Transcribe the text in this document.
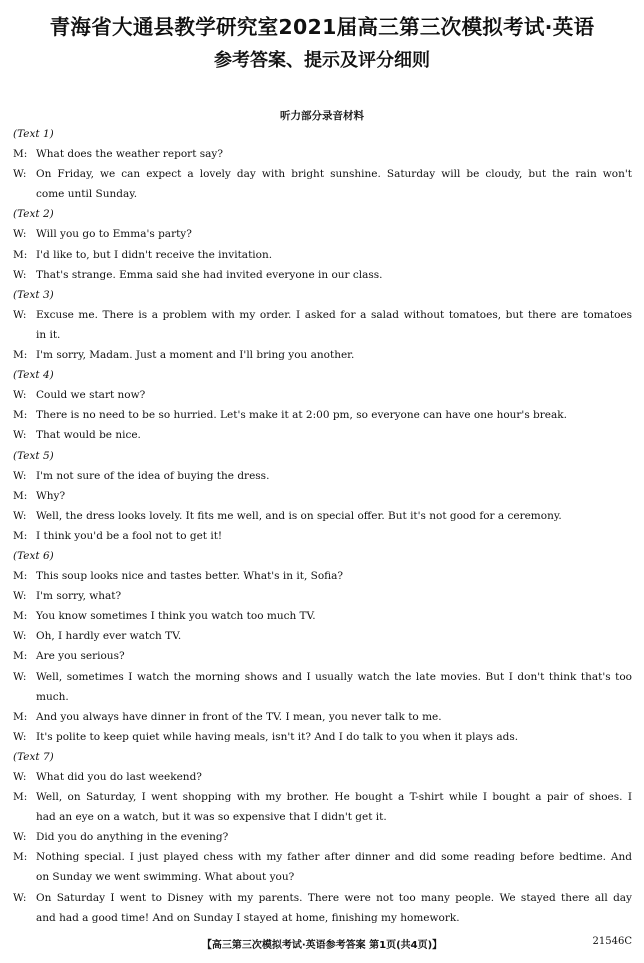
青海省大通县教学研究室2021届高三第三次模拟考试·英语
参考答案、提示及评分细则
听力部分录音材料
(Text 1)
M: What does the weather report say?
W: On Friday, we can expect a lovely day with bright sunshine. Saturday will be cloudy, but the rain won't
come until Sunday.
(Text 2)
W: Will you go to Emma's party?
M: I'd like to, but I didn't receive the invitation.
W: That's strange. Emma said she had invited everyone in our class.
(Text 3)
W: Excuse me. There is a problem with my order. I asked for a salad without tomatoes, but there are tomatoes
in it.
M: I'm sorry, Madam. Just a moment and I'll bring you another.
(Text 4)
W: Could we start now?
M: There is no need to be so hurried. Let's make it at 2:00 pm, so everyone can have one hour's break.
W: That would be nice.
(Text 5)
W: I'm not sure of the idea of buying the dress.
M: Why?
W: Well, the dress looks lovely. It fits me well, and is on special offer. But it's not good for a ceremony.
M: I think you'd be a fool not to get it!
(Text 6)
M: This soup looks nice and tastes better. What's in it, Sofia?
W: I'm sorry, what?
M: You know sometimes I think you watch too much TV.
W: Oh, I hardly ever watch TV.
M: Are you serious?
W: Well, sometimes I watch the morning shows and I usually watch the late movies. But I don't think that's too
much.
M: And you always have dinner in front of the TV. I mean, you never talk to me.
W: It's polite to keep quiet while having meals, isn't it? And I do talk to you when it plays ads.
(Text 7)
W: What did you do last weekend?
M: Well, on Saturday, I went shopping with my brother. He bought a T-shirt while I bought a pair of shoes. I
had an eye on a watch, but it was so expensive that I didn't get it.
W: Did you do anything in the evening?
M: Nothing special. I just played chess with my father after dinner and did some reading before bedtime. And
on Sunday we went swimming. What about you?
W: On Saturday I went to Disney with my parents. There were not too many people. We stayed there all day
and had a good time! And on Sunday I stayed at home, finishing my homework.
【高三第三次模拟考试·英语参考答案 第1页(共4页)】	21546C
